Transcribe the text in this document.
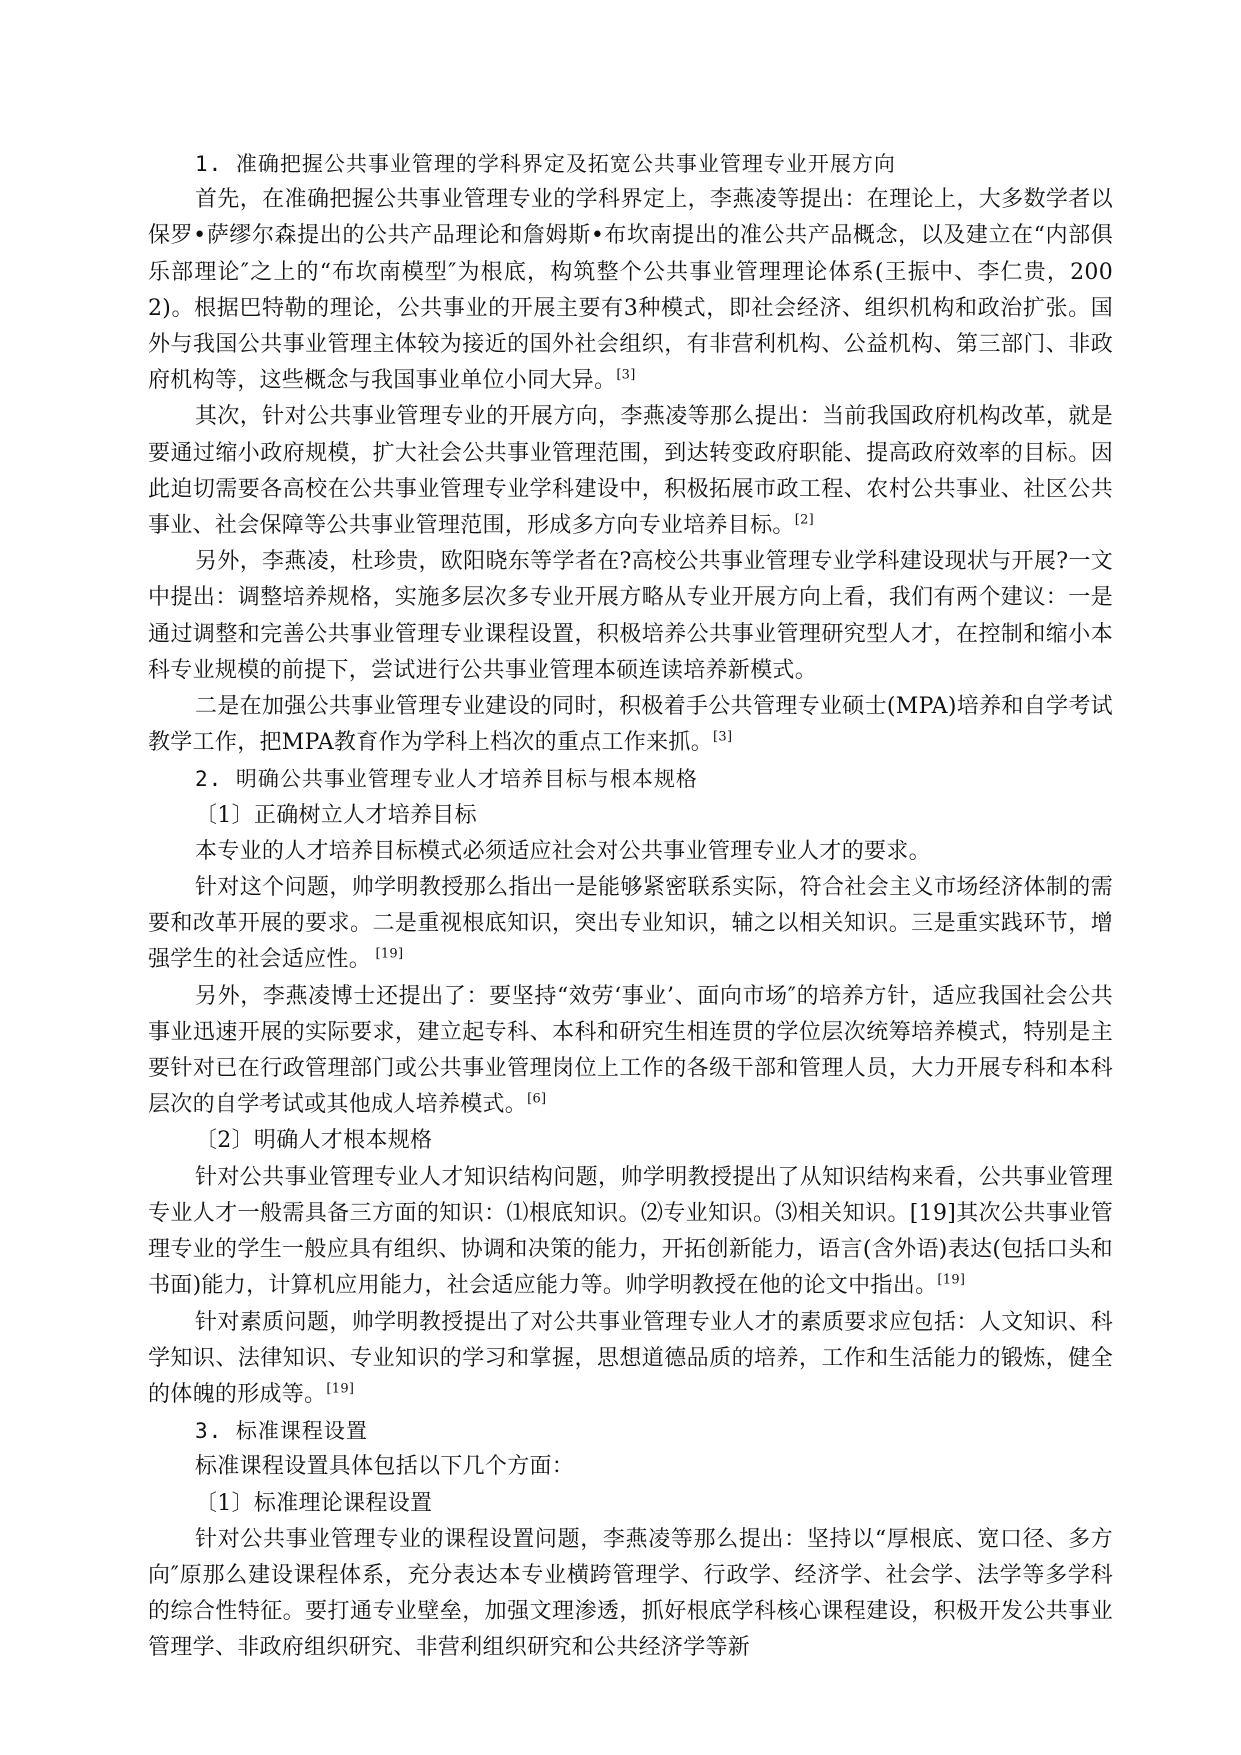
1. 准确把握公共事业管理的学科界定及拓宽公共事业管理专业开展方向

首先，在准确把握公共事业管理专业的学科界定上，李燕凌等提出：在理论上，大多数学者以保罗•萨缪尔森提出的公共产品理论和詹姆斯•布坎南提出的准公共产品概念，以及建立在“内部俱乐部理论″之上的“布坎南模型″为根底，构筑整个公共事业管理理论体系(王振中、李仁贵，2002)。根据巴特勒的理论，公共事业的开展主要有3种模式，即社会经济、组织机构和政治扩张。国外与我国公共事业管理主体较为接近的国外社会组织，有非营利机构、公益机构、第三部门、非政府机构等，这些概念与我国事业单位小同大异。[3]

其次，针对公共事业管理专业的开展方向，李燕凌等那么提出：当前我国政府机构改革，就是要通过缩小政府规模，扩大社会公共事业管理范围，到达转变政府职能、提高政府效率的目标。因此迫切需要各高校在公共事业管理专业学科建设中，积极拓展市政工程、农村公共事业、社区公共事业、社会保障等公共事业管理范围，形成多方向专业培养目标。[2]

另外，李燕凌，杜珍贵，欧阳晓东等学者在?高校公共事业管理专业学科建设现状与开展?一文中提出：调整培养规格，实施多层次多专业开展方略从专业开展方向上看，我们有两个建议：一是通过调整和完善公共事业管理专业课程设置，积极培养公共事业管理研究型人才，在控制和缩小本科专业规模的前提下，尝试进行公共事业管理本硕连读培养新模式。

二是在加强公共事业管理专业建设的同时，积极着手公共管理专业硕士(MPA)培养和自学考试教学工作，把MPA教育作为学科上档次的重点工作来抓。[3]

2. 明确公共事业管理专业人才培养目标与根本规格

〔1〕正确树立人才培养目标

本专业的人才培养目标模式必须适应社会对公共事业管理专业人才的要求。

针对这个问题，帅学明教授那么指出一是能够紧密联系实际，符合社会主义市场经济体制的需要和改革开展的要求。二是重视根底知识，突出专业知识，辅之以相关知识。三是重实践环节，增强学生的社会适应性。 [19]

另外，李燕凌博士还提出了：要坚持“效劳‘事业’、面向市场″的培养方针，适应我国社会公共事业迅速开展的实际要求，建立起专科、本科和研究生相连贯的学位层次统筹培养模式，特别是主要针对已在行政管理部门或公共事业管理岗位上工作的各级干部和管理人员，大力开展专科和本科层次的自学考试或其他成人培养模式。[6]

〔2〕明确人才根本规格

针对公共事业管理专业人才知识结构问题，帅学明教授提出了从知识结构来看，公共事业管理专业人才一般需具备三方面的知识：⑴根底知识。⑵专业知识。⑶相关知识。[19]其次公共事业管理专业的学生一般应具有组织、协调和决策的能力，开拓创新能力，语言(含外语)表达(包括口头和书面)能力，计算机应用能力，社会适应能力等。帅学明教授在他的论文中指出。[19]

针对素质问题，帅学明教授提出了对公共事业管理专业人才的素质要求应包括：人文知识、科学知识、法律知识、专业知识的学习和掌握，思想道德品质的培养，工作和生活能力的锻炼，健全的体魄的形成等。[19]

3. 标准课程设置

标准课程设置具体包括以下几个方面：

〔1〕标准理论课程设置

针对公共事业管理专业的课程设置问题，李燕凌等那么提出：坚持以“厚根底、宽口径、多方向″原那么建设课程体系，充分表达本专业横跨管理学、行政学、经济学、社会学、法学等多学科的综合性特征。要打通专业壁垒，加强文理渗透，抓好根底学科核心课程建设，积极开发公共事业管理学、非政府组织研究、非营利组织研究和公共经济学等新
